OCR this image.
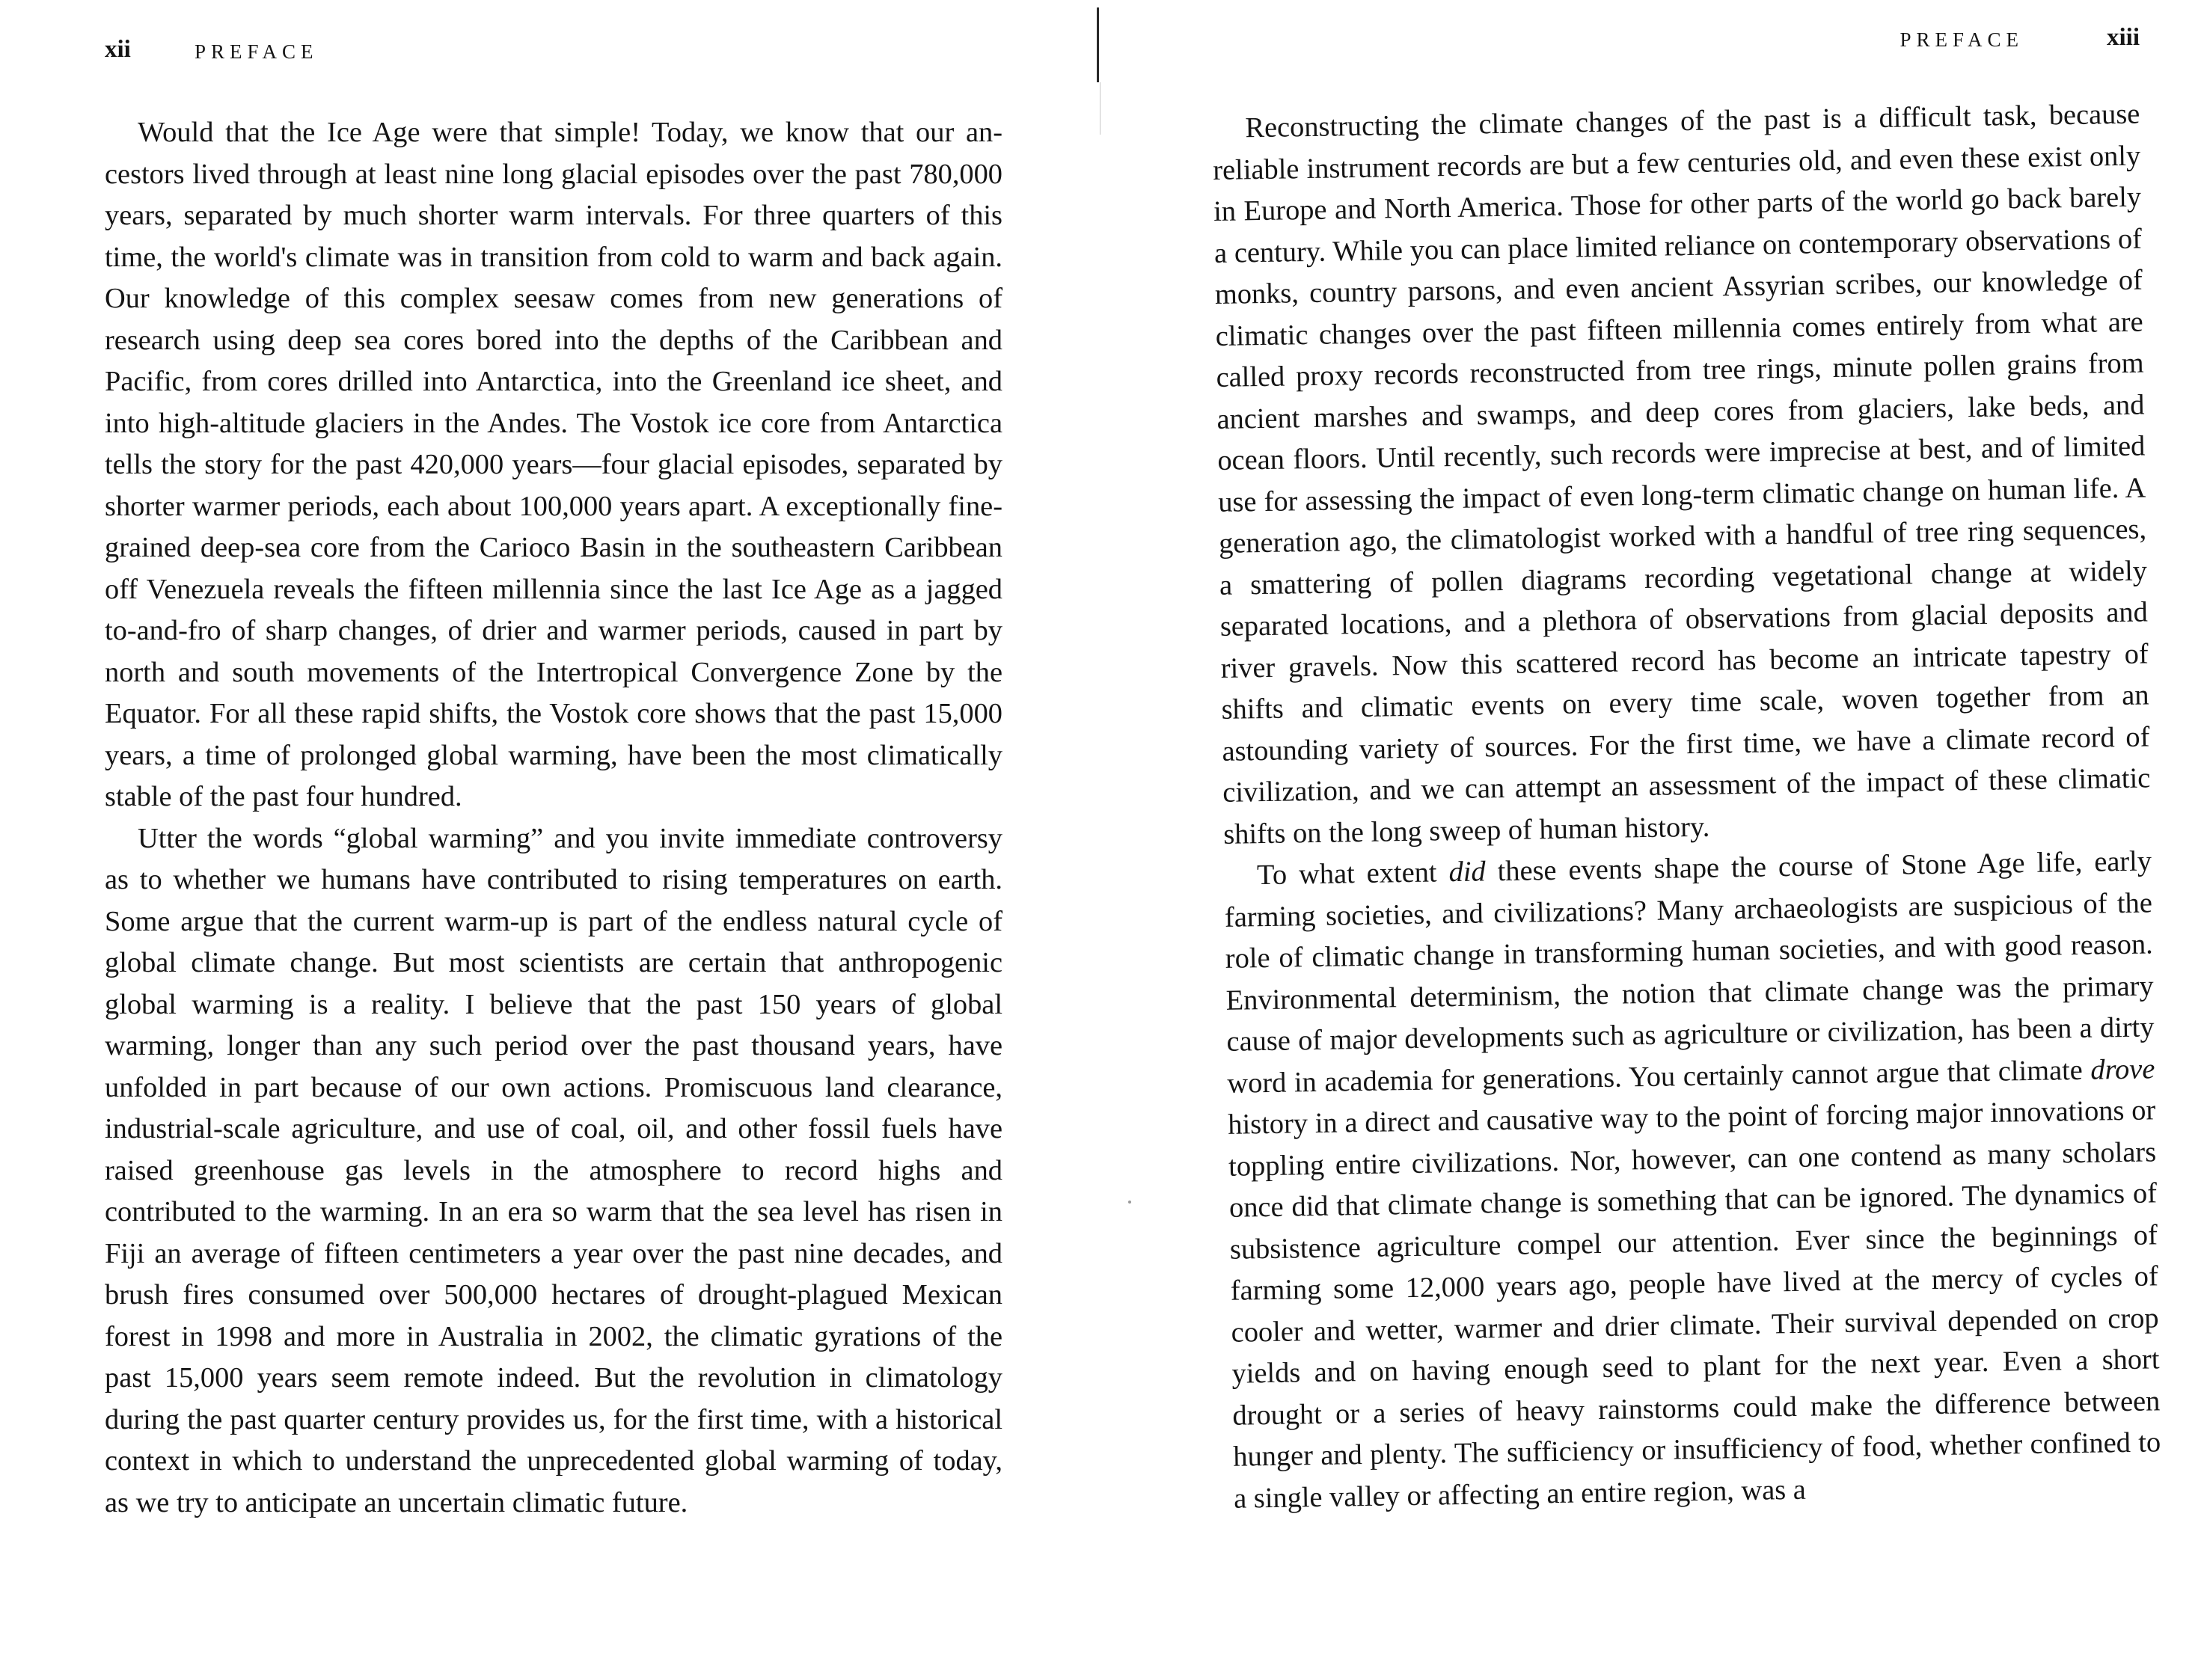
xii	PREFACE

Would that the Ice Age were that simple! Today, we know that our ancestors lived through at least nine long glacial episodes over the past 780,000 years, separated by much shorter warm intervals. For three quarters of this time, the world's climate was in transition from cold to warm and back again. Our knowledge of this complex seesaw comes from new generations of research using deep sea cores bored into the depths of the Caribbean and Pacific, from cores drilled into Antarctica, into the Greenland ice sheet, and into high-altitude glaciers in the Andes. The Vostok ice core from Antarctica tells the story for the past 420,000 years—four glacial episodes, separated by shorter warmer periods, each about 100,000 years apart. A exceptionally fine-grained deep-sea core from the Carioco Basin in the southeastern Caribbean off Venezuela reveals the fifteen millennia since the last Ice Age as a jagged to-and-fro of sharp changes, of drier and warmer periods, caused in part by north and south movements of the Intertropical Convergence Zone by the Equator. For all these rapid shifts, the Vostok core shows that the past 15,000 years, a time of prolonged global warming, have been the most climatically stable of the past four hundred.

Utter the words “global warming” and you invite immediate controversy as to whether we humans have contributed to rising temperatures on earth. Some argue that the current warm-up is part of the endless natural cycle of global climate change. But most scientists are certain that anthropogenic global warming is a reality. I believe that the past 150 years of global warming, longer than any such period over the past thousand years, have unfolded in part because of our own actions. Promiscuous land clearance, industrial-scale agriculture, and use of coal, oil, and other fossil fuels have raised greenhouse gas levels in the atmosphere to record highs and contributed to the warming. In an era so warm that the sea level has risen in Fiji an average of fifteen centimeters a year over the past nine decades, and brush fires consumed over 500,000 hectares of drought-plagued Mexican forest in 1998 and more in Australia in 2002, the climatic gyrations of the past 15,000 years seem remote indeed. But the revolution in climatology during the past quarter century provides us, for the first time, with a historical context in which to understand the unprecedented global warming of today, as we try to anticipate an uncertain climatic future.

PREFACE	xiii

Reconstructing the climate changes of the past is a difficult task, because reliable instrument records are but a few centuries old, and even these exist only in Europe and North America. Those for other parts of the world go back barely a century. While you can place limited reliance on contemporary observations of monks, country parsons, and even ancient Assyrian scribes, our knowledge of climatic changes over the past fifteen millennia comes entirely from what are called proxy records reconstructed from tree rings, minute pollen grains from ancient marshes and swamps, and deep cores from glaciers, lake beds, and ocean floors. Until recently, such records were imprecise at best, and of limited use for assessing the impact of even long-term climatic change on human life. A generation ago, the climatologist worked with a handful of tree ring sequences, a smattering of pollen diagrams recording vegetational change at widely separated locations, and a plethora of observations from glacial deposits and river gravels. Now this scattered record has become an intricate tapestry of shifts and climatic events on every time scale, woven together from an astounding variety of sources. For the first time, we have a climate record of civilization, and we can attempt an assessment of the impact of these climatic shifts on the long sweep of human history.

To what extent did these events shape the course of Stone Age life, early farming societies, and civilizations? Many archaeologists are suspicious of the role of climatic change in transforming human societies, and with good reason. Environmental determinism, the notion that climate change was the primary cause of major developments such as agriculture or civilization, has been a dirty word in academia for generations. You certainly cannot argue that climate drove history in a direct and causative way to the point of forcing major innovations or toppling entire civilizations. Nor, however, can one contend as many scholars once did that climate change is something that can be ignored. The dynamics of subsistence agriculture compel our attention. Ever since the beginnings of farming some 12,000 years ago, people have lived at the mercy of cycles of cooler and wetter, warmer and drier climate. Their survival depended on crop yields and on having enough seed to plant for the next year. Even a short drought or a series of heavy rainstorms could make the difference between hunger and plenty. The sufficiency or insufficiency of food, whether confined to a single valley or affecting an entire region, was a
